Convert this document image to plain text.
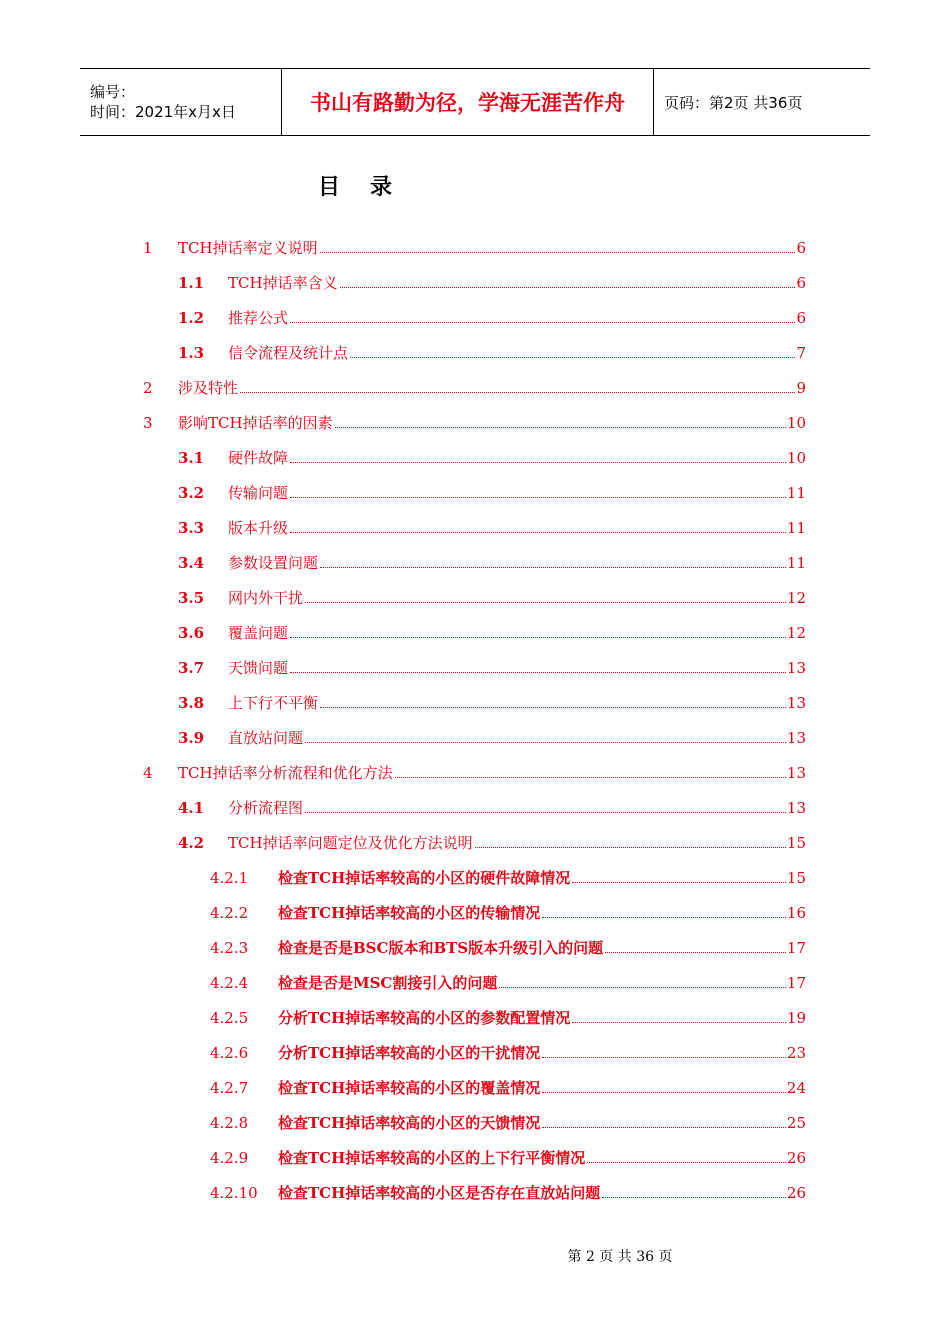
编号：
时间：2021年x月x日	书山有路勤为径，学海无涯苦作舟	页码：第2页 共36页
目录
1	TCH掉话率定义说明	6
1.1	TCH掉话率含义	6
1.2	推荐公式	6
1.3	信令流程及统计点	7
2	涉及特性	9
3	影响TCH掉话率的因素	10
3.1	硬件故障	10
3.2	传输问题	11
3.3	版本升级	11
3.4	参数设置问题	11
3.5	网内外干扰	12
3.6	覆盖问题	12
3.7	天馈问题	13
3.8	上下行不平衡	13
3.9	直放站问题	13
4	TCH掉话率分析流程和优化方法	13
4.1	分析流程图	13
4.2	TCH掉话率问题定位及优化方法说明	15
4.2.1	检查TCH掉话率较高的小区的硬件故障情况	15
4.2.2	检查TCH掉话率较高的小区的传输情况	16
4.2.3	检查是否是BSC版本和BTS版本升级引入的问题	17
4.2.4	检查是否是MSC割接引入的问题	17
4.2.5	分析TCH掉话率较高的小区的参数配置情况	19
4.2.6	分析TCH掉话率较高的小区的干扰情况	23
4.2.7	检查TCH掉话率较高的小区的覆盖情况	24
4.2.8	检查TCH掉话率较高的小区的天馈情况	25
4.2.9	检查TCH掉话率较高的小区的上下行平衡情况	26
4.2.10	检查TCH掉话率较高的小区是否存在直放站问题	26
第 2 页 共 36 页
